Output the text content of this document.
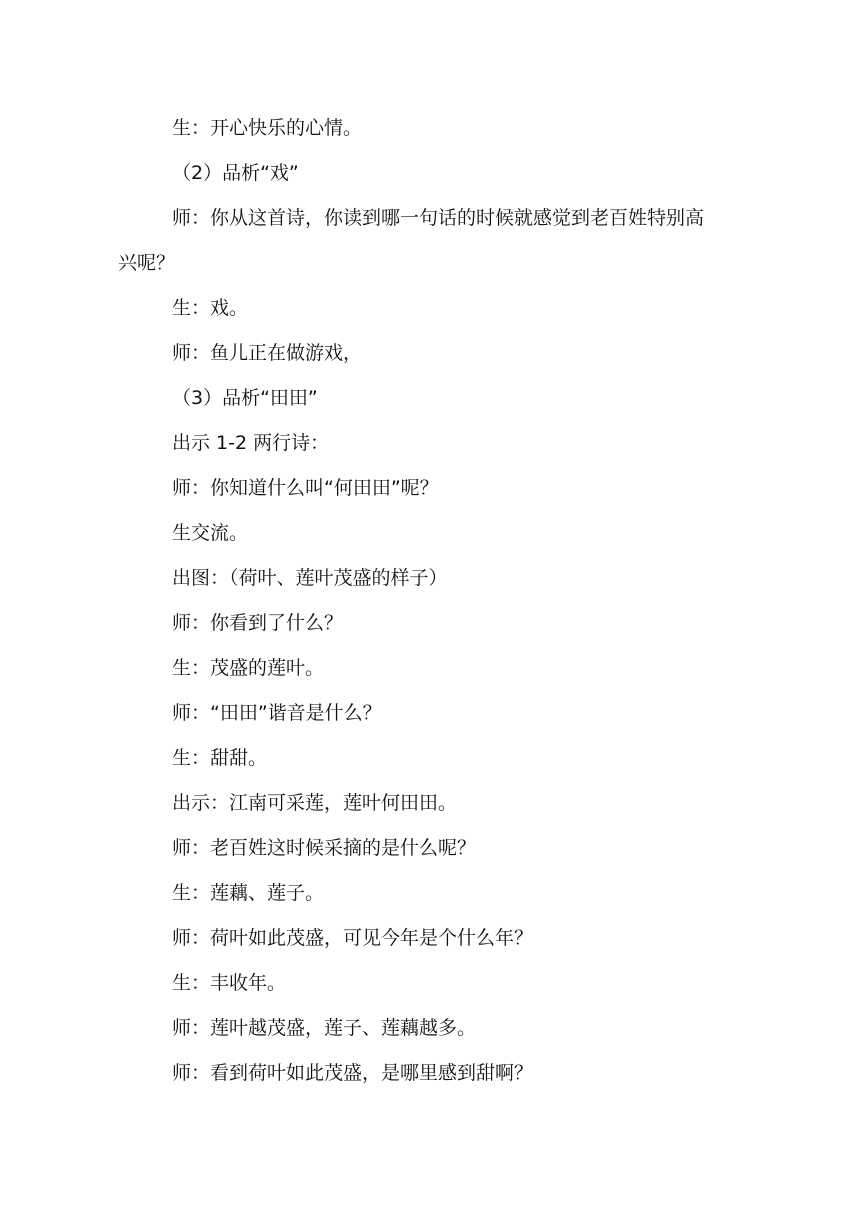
生：开心快乐的心情。
（2）品析“戏”
师：你从这首诗，你读到哪一句话的时候就感觉到老百姓特别高
兴呢？
生：戏。
师：鱼儿正在做游戏，
（3）品析“田田”
出示 1-2 两行诗：
师：你知道什么叫“何田田”呢？
生交流。
出图：（荷叶、莲叶茂盛的样子）
师：你看到了什么？
生：茂盛的莲叶。
师：“田田”谐音是什么？
生：甜甜。
出示：江南可采莲，莲叶何田田。
师：老百姓这时候采摘的是什么呢？
生：莲藕、莲子。
师：荷叶如此茂盛，可见今年是个什么年？
生：丰收年。
师：莲叶越茂盛，莲子、莲藕越多。
师：看到荷叶如此茂盛，是哪里感到甜啊？
